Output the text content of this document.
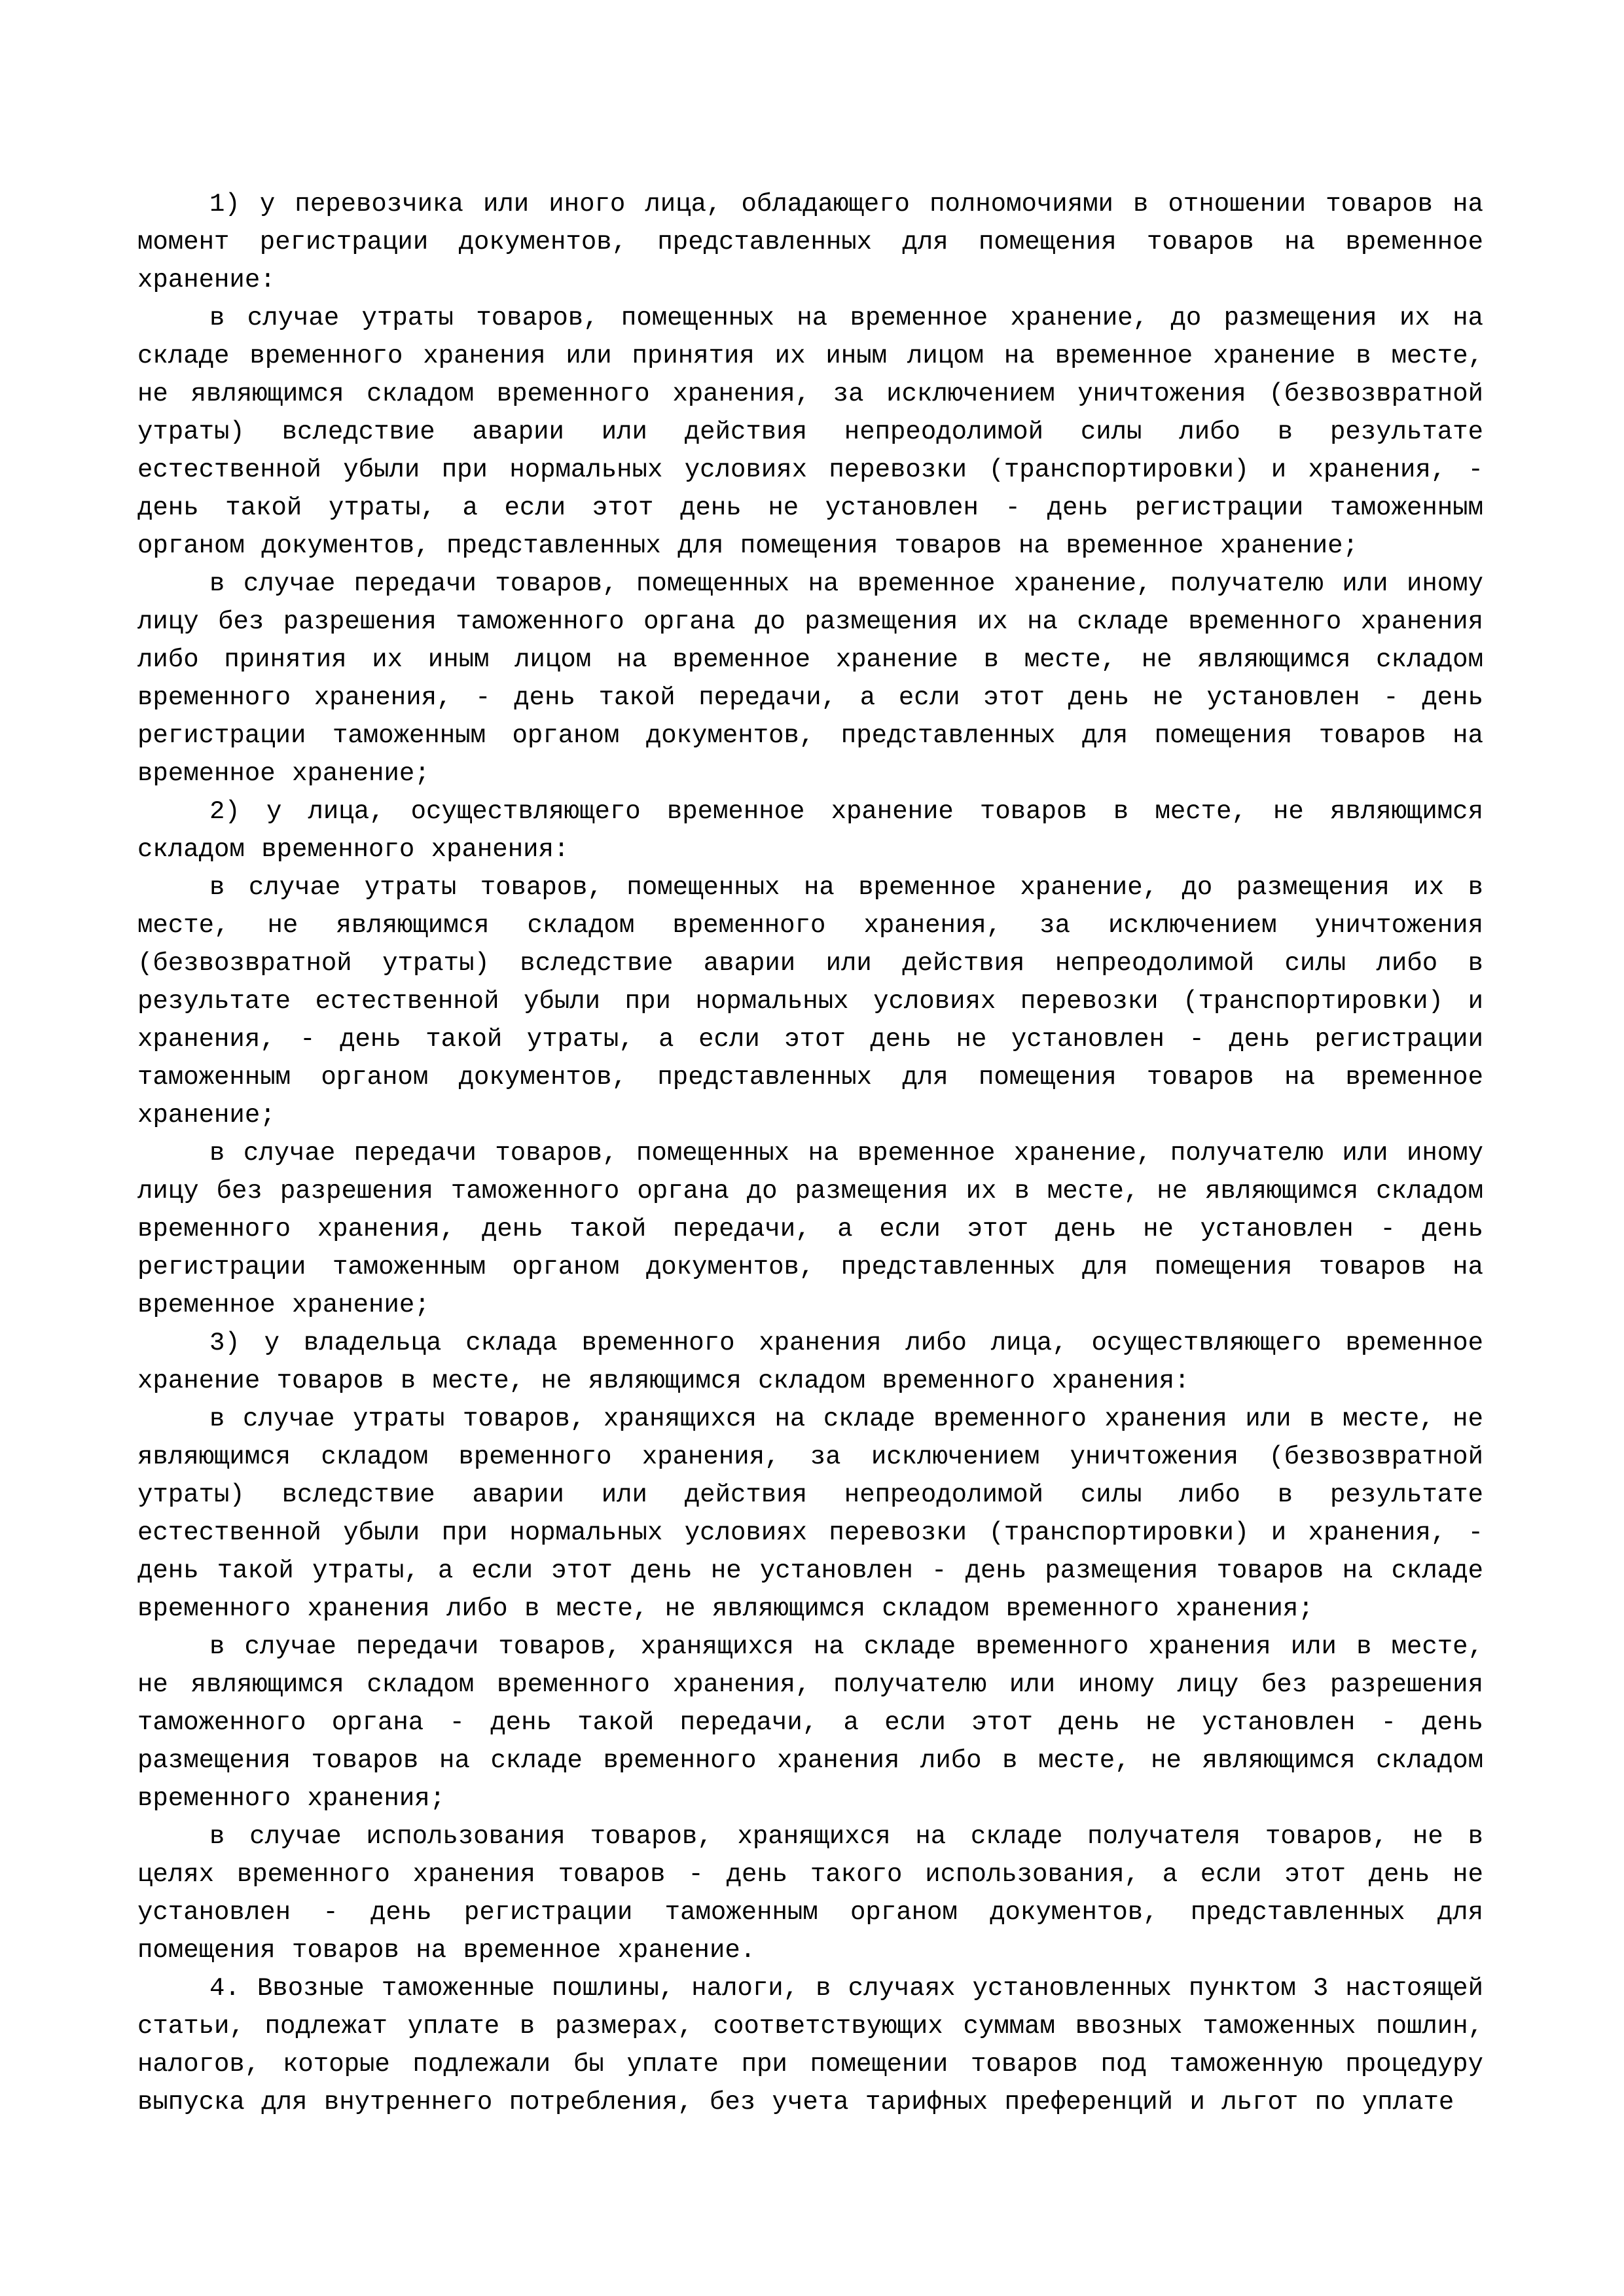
1) у перевозчика или иного лица, обладающего полномочиями в отношении товаров на момент регистрации документов, представленных для помещения товаров на временное хранение:

в случае утраты товаров, помещенных на временное хранение, до размещения их на складе временного хранения или принятия их иным лицом на временное хранение в месте, не являющимся складом временного хранения, за исключением уничтожения (безвозвратной утраты) вследствие аварии или действия непреодолимой силы либо в результате естественной убыли при нормальных условиях перевозки (транспортировки) и хранения, - день такой утраты, а если этот день не установлен - день регистрации таможенным органом документов, представленных для помещения товаров на временное хранение;

в случае передачи товаров, помещенных на временное хранение, получателю или иному лицу без разрешения таможенного органа до размещения их на складе временного хранения либо принятия их иным лицом на временное хранение в месте, не являющимся складом временного хранения, - день такой передачи, а если этот день не установлен - день регистрации таможенным органом документов, представленных для помещения товаров на временное хранение;

2) у лица, осуществляющего временное хранение товаров в месте, не являющимся складом временного хранения:

в случае утраты товаров, помещенных на временное хранение, до размещения их в месте, не являющимся складом временного хранения, за исключением уничтожения (безвозвратной утраты) вследствие аварии или действия непреодолимой силы либо в результате естественной убыли при нормальных условиях перевозки (транспортировки) и хранения, - день такой утраты, а если этот день не установлен - день регистрации таможенным органом документов, представленных для помещения товаров на временное хранение;

в случае передачи товаров, помещенных на временное хранение, получателю или иному лицу без разрешения таможенного органа до размещения их в месте, не являющимся складом временного хранения, день такой передачи, а если этот день не установлен - день регистрации таможенным органом документов, представленных для помещения товаров на временное хранение;

3) у владельца склада временного хранения либо лица, осуществляющего временное хранение товаров в месте, не являющимся складом временного хранения:

в случае утраты товаров, хранящихся на складе временного хранения или в месте, не являющимся складом временного хранения, за исключением уничтожения (безвозвратной утраты) вследствие аварии или действия непреодолимой силы либо в результате естественной убыли при нормальных условиях перевозки (транспортировки) и хранения, - день такой утраты, а если этот день не установлен - день размещения товаров на складе временного хранения либо в месте, не являющимся складом временного хранения;

в случае передачи товаров, хранящихся на складе временного хранения или в месте, не являющимся складом временного хранения, получателю или иному лицу без разрешения таможенного органа - день такой передачи, а если этот день не установлен - день размещения товаров на складе временного хранения либо в месте, не являющимся складом временного хранения;

в случае использования товаров, хранящихся на складе получателя товаров, не в целях временного хранения товаров - день такого использования, а если этот день не установлен - день регистрации таможенным органом документов, представленных для помещения товаров на временное хранение.

4. Ввозные таможенные пошлины, налоги, в случаях установленных пунктом 3 настоящей статьи, подлежат уплате в размерах, соответствующих суммам ввозных таможенных пошлин, налогов, которые подлежали бы уплате при помещении товаров под таможенную процедуру выпуска для внутреннего потребления, без учета тарифных преференций и льгот по уплате
